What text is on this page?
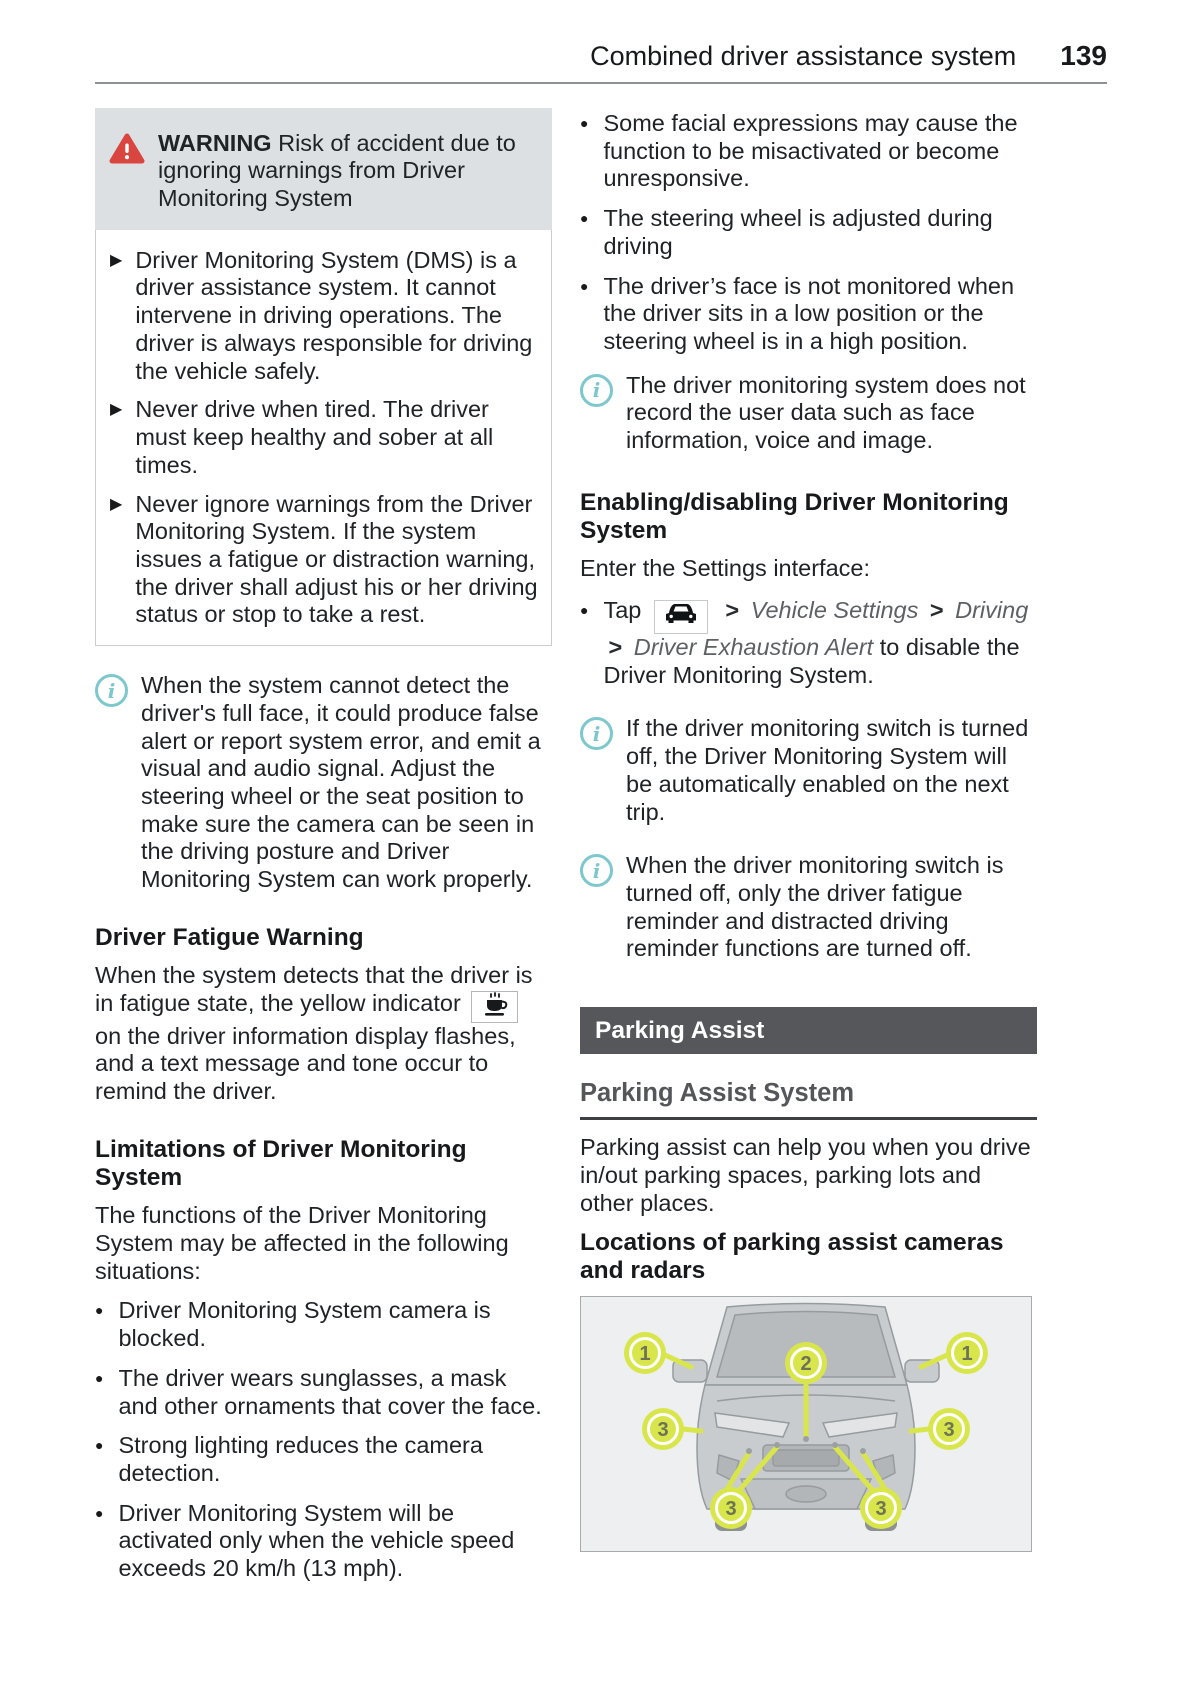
Combined driver assistance system 139
WARNING Risk of accident due to ignoring warnings from Driver Monitoring System
▶ Driver Monitoring System (DMS) is a driver assistance system. It cannot intervene in driving operations. The driver is always responsible for driving the vehicle safely.
▶ Never drive when tired. The driver must keep healthy and sober at all times.
▶ Never ignore warnings from the Driver Monitoring System. If the system issues a fatigue or distraction warning, the driver shall adjust his or her driving status or stop to take a rest.
i	When the system cannot detect the driver's full face, it could produce false alert or report system error, and emit a visual and audio signal. Adjust the steering wheel or the seat position to make sure the camera can be seen in the driving posture and Driver Monitoring System can work properly.
Driver Fatigue Warning

When the system detects that the driver is in fatigue state, the yellow indicator  on the driver information display flashes, and a text message and tone occur to remind the driver.

Limitations of Driver Monitoring System

The functions of the Driver Monitoring System may be affected in the following situations:

● Driver Monitoring System camera is blocked.
● The driver wears sunglasses, a mask and other ornaments that cover the face.
● Strong lighting reduces the camera detection.
● Driver Monitoring System will be activated only when the vehicle speed exceeds 20 km/h (13 mph).
● Some facial expressions may cause the function to be misactivated or become unresponsive.
● The steering wheel is adjusted during driving
● The driver’s face is not monitored when the driver sits in a low position or the steering wheel is in a high position.
i	The driver monitoring system does not record the user data such as face information, voice and image.
Enabling/disabling Driver Monitoring System

Enter the Settings interface:

● Tap	> Vehicle Settings > Driving > Driver Exhaustion Alert to disable the Driver Monitoring System.
i	If the driver monitoring switch is turned off, the Driver Monitoring System will be automatically enabled on the next trip.
i	When the driver monitoring switch is turned off, only the driver fatigue reminder and distracted driving reminder functions are turned off.
Parking Assist
Parking Assist System

Parking assist can help you when you drive in/out parking spaces, parking lots and other places.

Locations of parking assist cameras and radars
1	1
2
3	3
3	3
